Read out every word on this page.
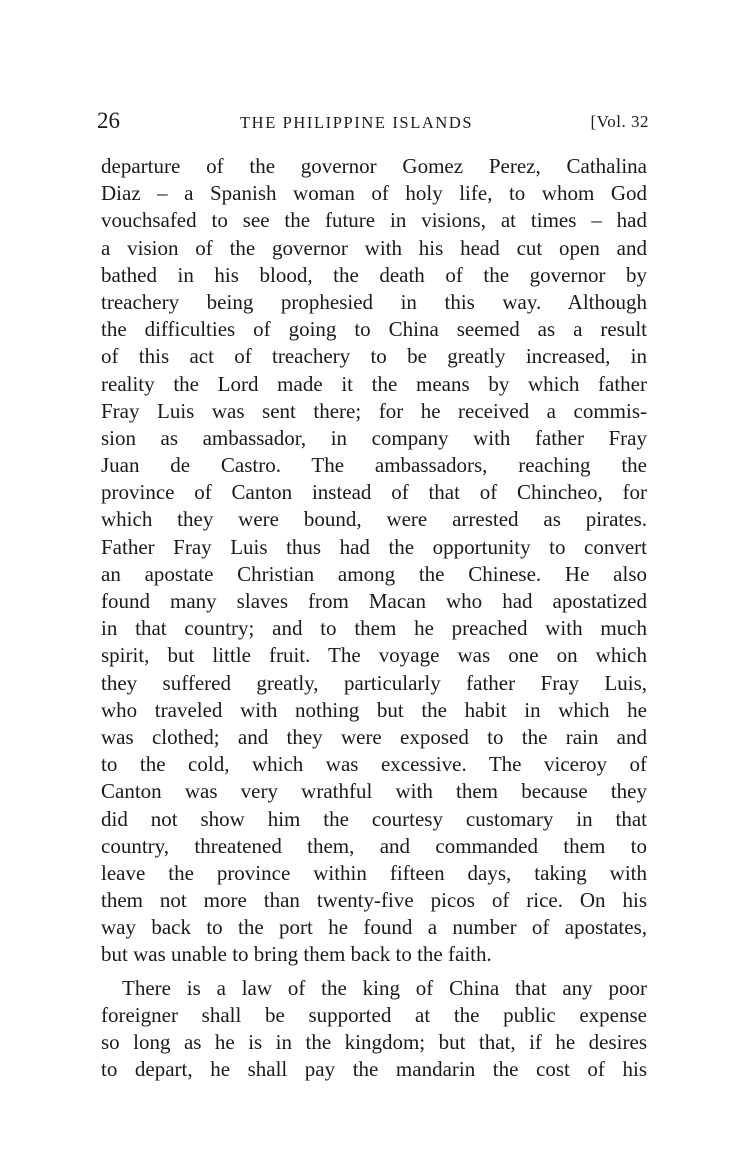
26	THE PHILIPPINE ISLANDS	[Vol. 32
departure of the governor Gomez Perez, Cathalina
Diaz – a Spanish woman of holy life, to whom God
vouchsafed to see the future in visions, at times – had
a vision of the governor with his head cut open and
bathed in his blood, the death of the governor by
treachery being prophesied in this way. Although
the difficulties of going to China seemed as a result
of this act of treachery to be greatly increased, in
reality the Lord made it the means by which father
Fray Luis was sent there; for he received a commis-
sion as ambassador, in company with father Fray
Juan de Castro. The ambassadors, reaching the
province of Canton instead of that of Chincheo, for
which they were bound, were arrested as pirates.
Father Fray Luis thus had the opportunity to convert
an apostate Christian among the Chinese. He also
found many slaves from Macan who had apostatized
in that country; and to them he preached with much
spirit, but little fruit. The voyage was one on which
they suffered greatly, particularly father Fray Luis,
who traveled with nothing but the habit in which he
was clothed; and they were exposed to the rain and
to the cold, which was excessive. The viceroy of
Canton was very wrathful with them because they
did not show him the courtesy customary in that
country, threatened them, and commanded them to
leave the province within fifteen days, taking with
them not more than twenty-five picos of rice. On his
way back to the port he found a number of apostates,
but was unable to bring them back to the faith.
There is a law of the king of China that any poor
foreigner shall be supported at the public expense
so long as he is in the kingdom; but that, if he desires
to depart, he shall pay the mandarin the cost of his
